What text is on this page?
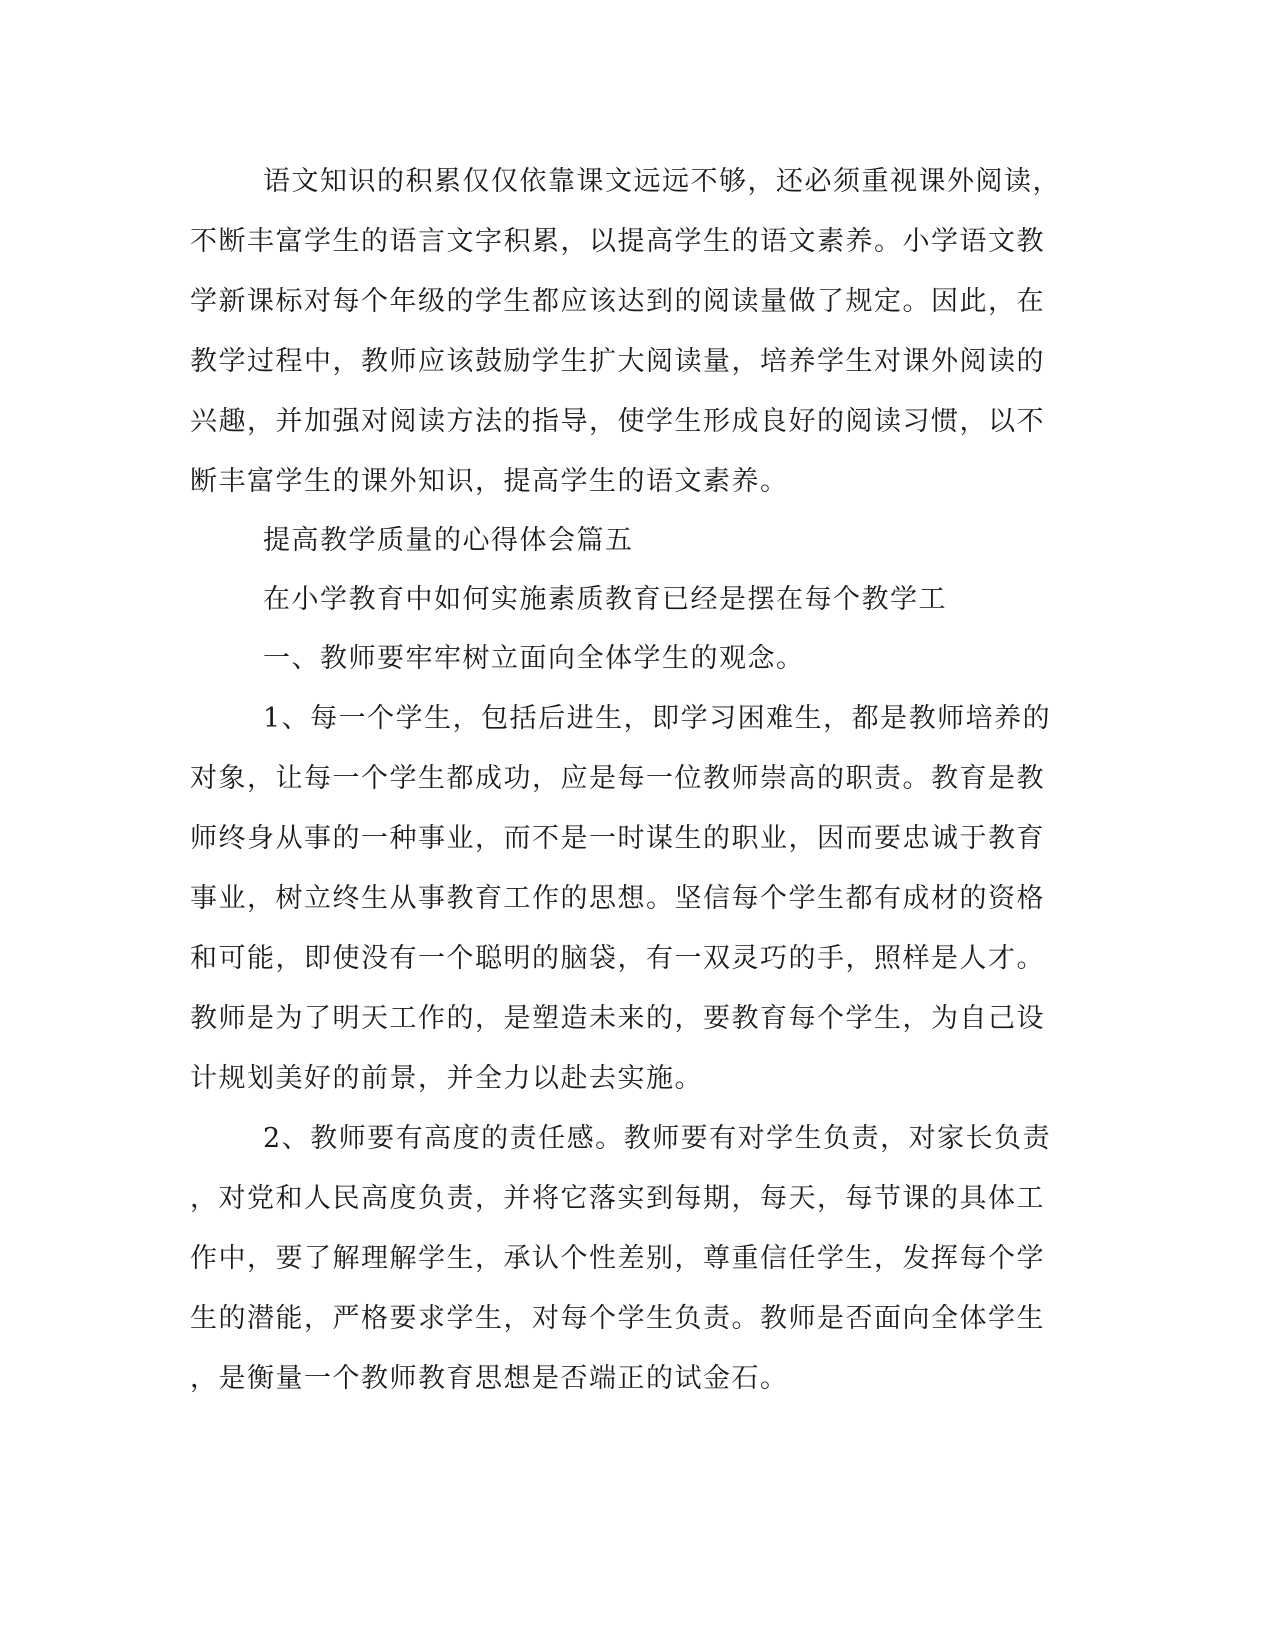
语文知识的积累仅仅依靠课文远远不够，还必须重视课外阅读，
不断丰富学生的语言文字积累，以提高学生的语文素养。小学语文教
学新课标对每个年级的学生都应该达到的阅读量做了规定。因此，在
教学过程中，教师应该鼓励学生扩大阅读量，培养学生对课外阅读的
兴趣，并加强对阅读方法的指导，使学生形成良好的阅读习惯，以不
断丰富学生的课外知识，提高学生的语文素养。
提高教学质量的心得体会篇五
在小学教育中如何实施素质教育已经是摆在每个教学工
一、教师要牢牢树立面向全体学生的观念。
1、每一个学生，包括后进生，即学习困难生，都是教师培养的
对象，让每一个学生都成功，应是每一位教师崇高的职责。教育是教
师终身从事的一种事业，而不是一时谋生的职业，因而要忠诚于教育
事业，树立终生从事教育工作的思想。坚信每个学生都有成材的资格
和可能，即使没有一个聪明的脑袋，有一双灵巧的手，照样是人才。
教师是为了明天工作的，是塑造未来的，要教育每个学生，为自己设
计规划美好的前景，并全力以赴去实施。
2、教师要有高度的责任感。教师要有对学生负责，对家长负责
，对党和人民高度负责，并将它落实到每期，每天，每节课的具体工
作中，要了解理解学生，承认个性差别，尊重信任学生，发挥每个学
生的潜能，严格要求学生，对每个学生负责。教师是否面向全体学生
，是衡量一个教师教育思想是否端正的试金石。
